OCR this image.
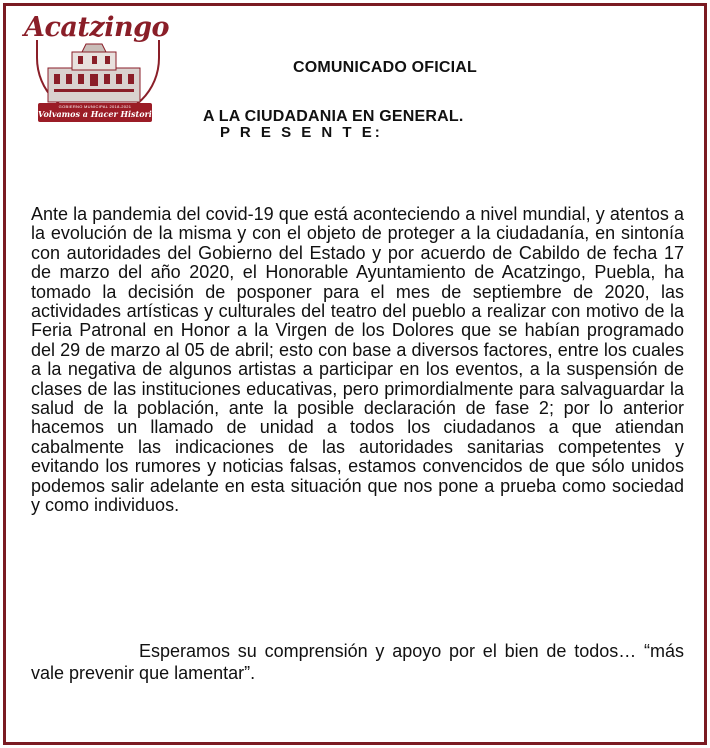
Acatzingo
GOBIERNO MUNICIPAL 2018-2021
Volvamos a Hacer Historia!
COMUNICADO OFICIAL
A LA CIUDADANIA EN GENERAL.
P R E S E N T E:

Ante la pandemia del covid-19 que está aconteciendo a nivel mundial, y atentos a la evolución de la misma y con el objeto de proteger a la ciudadanía, en sintonía con autoridades del Gobierno del Estado y por acuerdo de Cabildo de fecha 17 de marzo del año 2020, el Honorable Ayuntamiento de Acatzingo, Puebla, ha tomado la decisión de posponer para el mes de septiembre de 2020, las actividades artísticas y culturales del teatro del pueblo a realizar con motivo de la Feria Patronal en Honor a la Virgen de los Dolores que se habían programado del 29 de marzo al 05 de abril; esto con base a diversos factores, entre los cuales a la negativa de algunos artistas a participar en los eventos, a la suspensión de clases de las instituciones educativas, pero primordialmente para salvaguardar la salud de la población, ante la posible declaración de fase 2; por lo anterior hacemos un llamado de unidad a todos los ciudadanos a que atiendan cabalmente las indicaciones de las autoridades sanitarias competentes y evitando los rumores y noticias falsas, estamos convencidos de que sólo unidos podemos salir adelante en esta situación que nos pone a prueba como sociedad y como individuos.

Esperamos su comprensión y apoyo por el bien de todos… “más vale prevenir que lamentar”.
